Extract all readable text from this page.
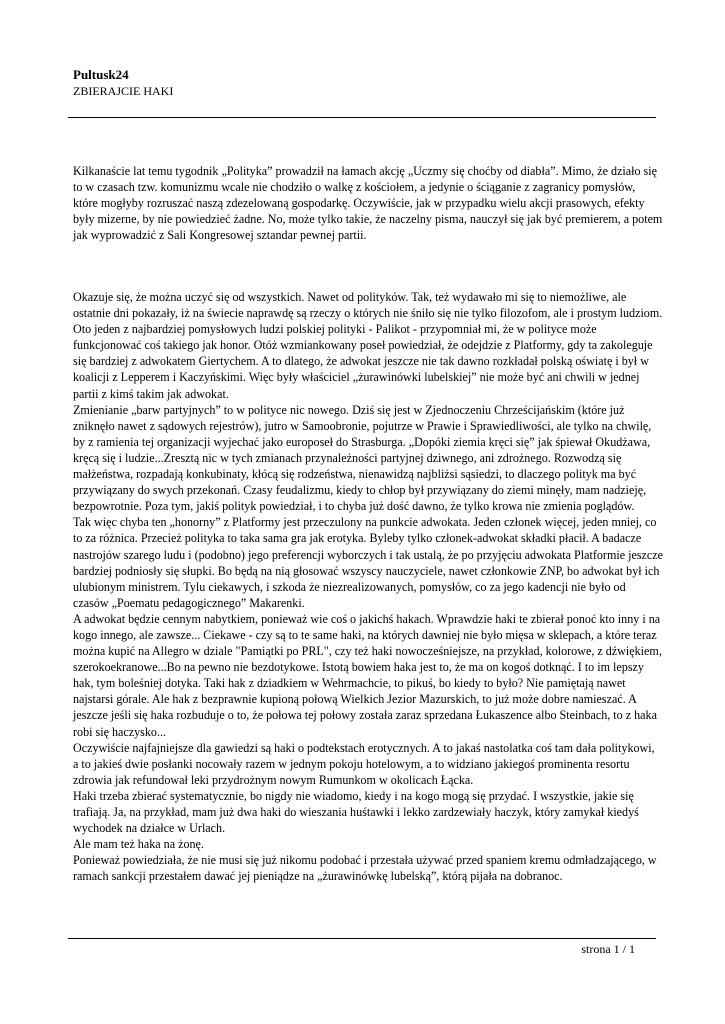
Pultusk24
ZBIERAJCIE HAKI

Kilkanaście lat temu tygodnik „Polityka” prowadził na łamach akcję „Uczmy się choćby od diabła”. Mimo, że działo się to w czasach tzw. komunizmu wcale nie chodziło o walkę z kościołem, a jedynie o ściąganie z zagranicy pomysłów, które mogłyby rozruszać naszą zdezelowaną gospodarkę. Oczywiście, jak w przypadku wielu akcji prasowych, efekty były mizerne, by nie powiedzieć żadne. No, może tylko takie, że naczelny pisma, nauczył się jak być premierem, a potem jak wyprowadzić z Sali Kongresowej sztandar pewnej partii.

Okazuje się, że można uczyć się od wszystkich. Nawet od polityków. Tak, też wydawało mi się to niemożliwe, ale ostatnie dni pokazały, iż na świecie naprawdę są rzeczy o których nie śniło się nie tylko filozofom, ale i prostym ludziom. Oto jeden z najbardziej pomysłowych ludzi polskiej polityki - Palikot - przypomniał mi, że w polityce może funkcjonować coś takiego jak honor. Otóż wzmiankowany poseł powiedział, że odejdzie z Platformy, gdy ta zakoleguje się bardziej z adwokatem Giertychem. A to dlatego, że adwokat jeszcze nie tak dawno rozkładał polską oświatę i był w koalicji z Lepperem i Kaczyńskimi. Więc były właściciel „żurawinówki lubelskiej” nie może być ani chwili w jednej partii z kimś takim jak adwokat.

Zmienianie „barw partyjnych” to w polityce nic nowego. Dziś się jest w Zjednoczeniu Chrześcijańskim (które już zniknęło nawet z sądowych rejestrów), jutro w Samoobronie, pojutrze w Prawie i Sprawiedliwości, ale tylko na chwilę, by z ramienia tej organizacji wyjechać jako europoseł do Strasburga. „Dopóki ziemia kręci się” jak śpiewał Okudżawa, kręcą się i ludzie...Zresztą nic w tych zmianach przynależności partyjnej dziwnego, ani zdrożnego. Rozwodzą się małżeństwa, rozpadają konkubinaty, kłócą się rodzeństwa, nienawidzą najbliżsi sąsiedzi, to dlaczego polityk ma być przywiązany do swych przekonań. Czasy feudalizmu, kiedy to chłop był przywiązany do ziemi minęły, mam nadzieję, bezpowrotnie. Poza tym, jakiś polityk powiedział, i to chyba już dość dawno, że tylko krowa nie zmienia poglądów.

Tak więc chyba ten „honorny” z Platformy jest przeczulony na punkcie adwokata. Jeden członek więcej, jeden mniej, co to za różnica. Przecież polityka to taka sama gra jak erotyka. Byleby tylko członek-adwokat składki płacił. A badacze nastrojów szarego ludu i (podobno) jego preferencji wyborczych i tak ustalą, że po przyjęciu adwokata Platformie jeszcze bardziej podniosły się słupki. Bo będą na nią głosować wszyscy nauczyciele, nawet członkowie ZNP, bo adwokat był ich ulubionym ministrem. Tylu ciekawych, i szkoda że niezrealizowanych, pomysłów, co za jego kadencji nie było od czasów „Poematu pedagogicznego” Makarenki.

A adwokat będzie cennym nabytkiem, ponieważ wie coś o jakichś hakach. Wprawdzie haki te zbierał ponoć kto inny i na kogo innego, ale zawsze... Ciekawe - czy są to te same haki, na których dawniej nie było mięsa w sklepach, a które teraz można kupić na Allegro w dziale "Pamiątki po PRL", czy też haki nowocześniejsze, na przykład, kolorowe, z dźwiękiem, szerokoekranowe...Bo na pewno nie bezdotykowe. Istotą bowiem haka jest to, że ma on kogoś dotknąć. I to im lepszy hak, tym boleśniej dotyka. Taki hak z dziadkiem w Wehrmachcie, to pikuś, bo kiedy to było? Nie pamiętają nawet najstarsi górale. Ale hak z bezprawnie kupioną połową Wielkich Jezior Mazurskich, to już może dobre namieszać. A jeszcze jeśli się haka rozbuduje o to, że połowa tej połowy została zaraz sprzedana Łukaszence albo Steinbach, to z haka robi się haczysko...

Oczywiście najfajniejsze dla gawiedzi są haki o podtekstach erotycznych. A to jakaś nastolatka coś tam dała politykowi, a to jakieś dwie posłanki nocowały razem w jednym pokoju hotelowym, a to widziano jakiegoś prominenta resortu zdrowia jak refundował leki przydrożnym nowym Rumunkom w okolicach Łącka.

Haki trzeba zbierać systematycznie, bo nigdy nie wiadomo, kiedy i na kogo mogą się przydać. I wszystkie, jakie się trafiają. Ja, na przykład, mam już dwa haki do wieszania huśtawki i lekko zardzewiały haczyk, który zamykał kiedyś wychodek na działce w Urlach.

Ale mam też haka na żonę.

Ponieważ powiedziała, że nie musi się już nikomu podobać i przestała używać przed spaniem kremu odmładzającego, w ramach sankcji przestałem dawać jej pieniądze na „żurawinówkę lubelską”, którą pijała na dobranoc.

strona 1 / 1
